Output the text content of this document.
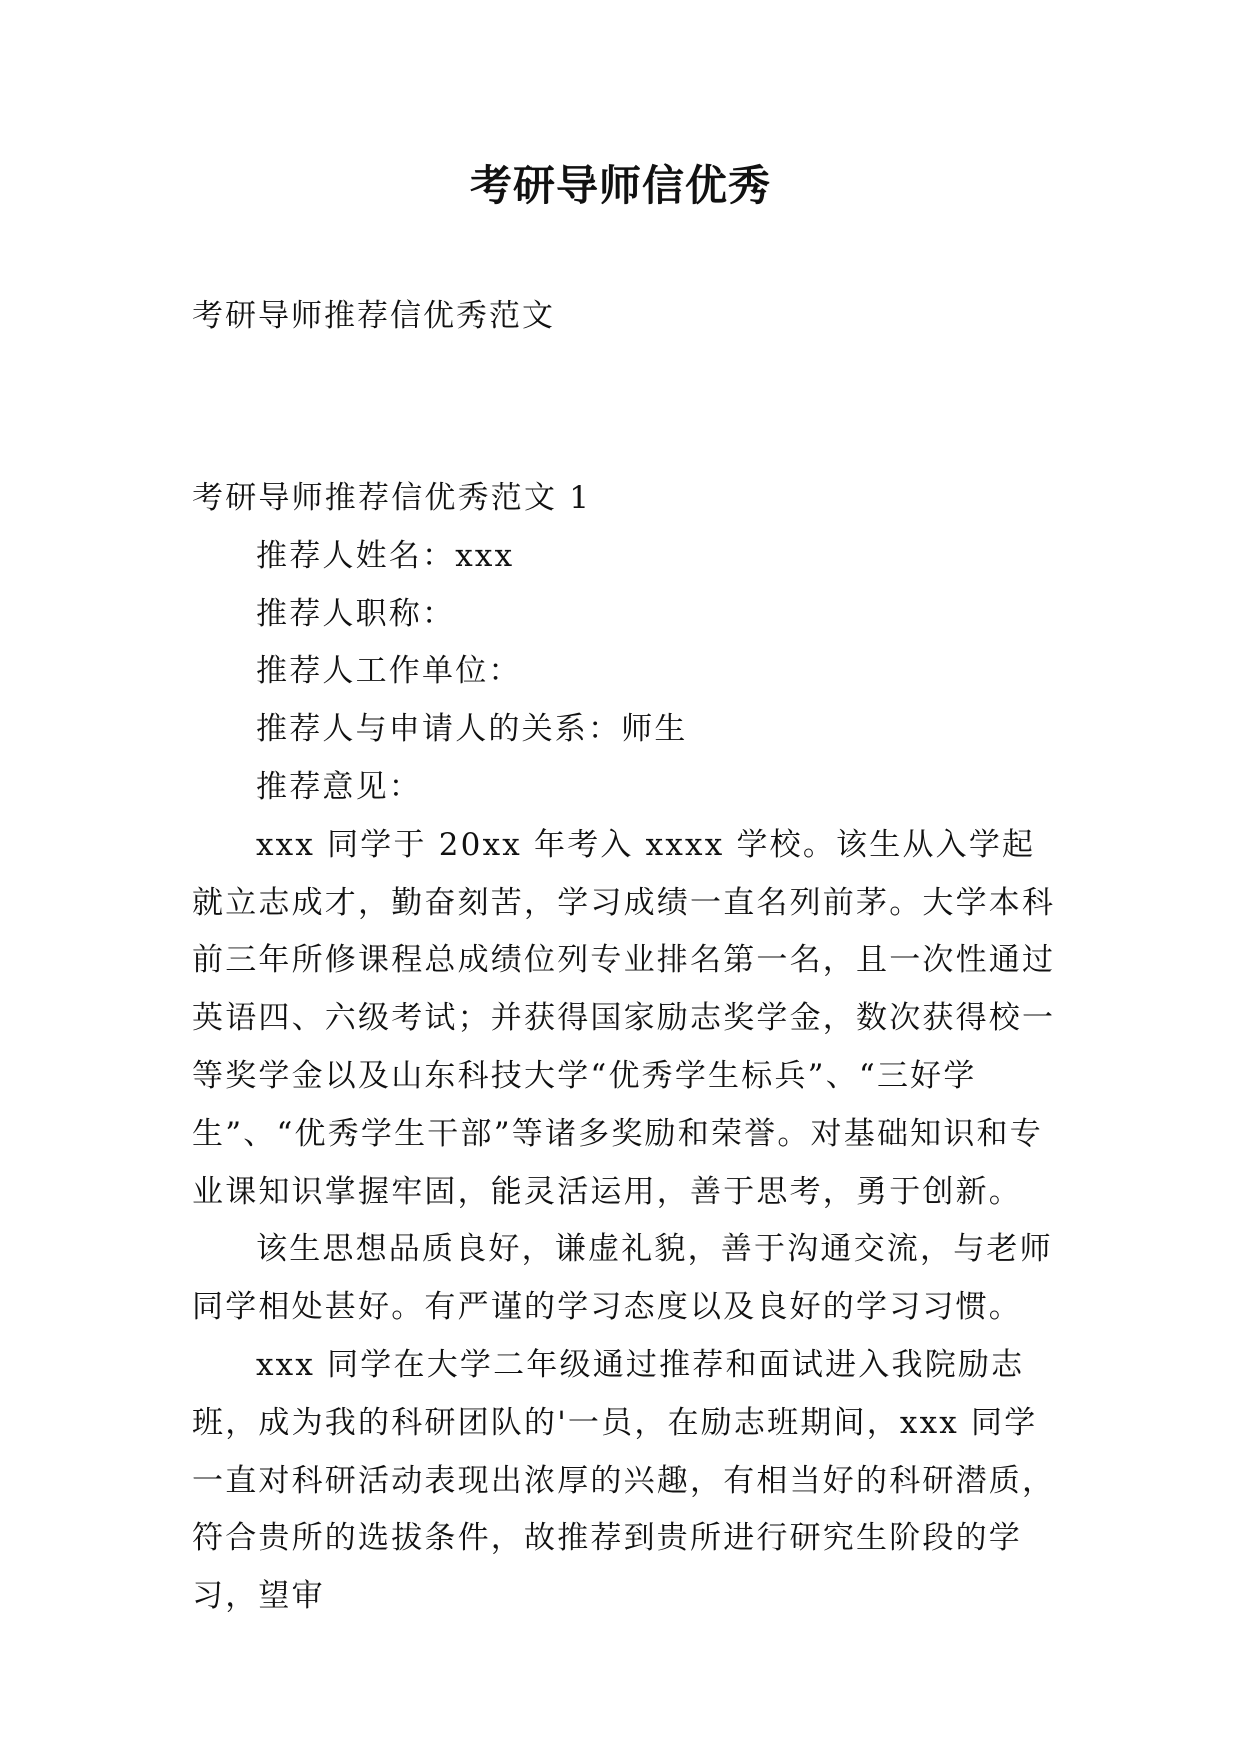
考研导师信优秀

考研导师推荐信优秀范文

考研导师推荐信优秀范文 1

推荐人姓名：xxx

推荐人职称：

推荐人工作单位：

推荐人与申请人的关系：师生

推荐意见：

xxx 同学于 20xx 年考入 xxxx 学校。该生从入学起就立志成才，勤奋刻苦，学习成绩一直名列前茅。大学本科前三年所修课程总成绩位列专业排名第一名，且一次性通过英语四、六级考试；并获得国家励志奖学金，数次获得校一等奖学金以及山东科技大学“优秀学生标兵”、“三好学生”、“优秀学生干部”等诸多奖励和荣誉。对基础知识和专业课知识掌握牢固，能灵活运用，善于思考，勇于创新。

该生思想品质良好，谦虚礼貌，善于沟通交流，与老师同学相处甚好。有严谨的学习态度以及良好的学习习惯。

xxx 同学在大学二年级通过推荐和面试进入我院励志班，成为我的科研团队的'一员，在励志班期间，xxx 同学一直对科研活动表现出浓厚的兴趣，有相当好的科研潜质，符合贵所的选拔条件，故推荐到贵所进行研究生阶段的学习，望审
